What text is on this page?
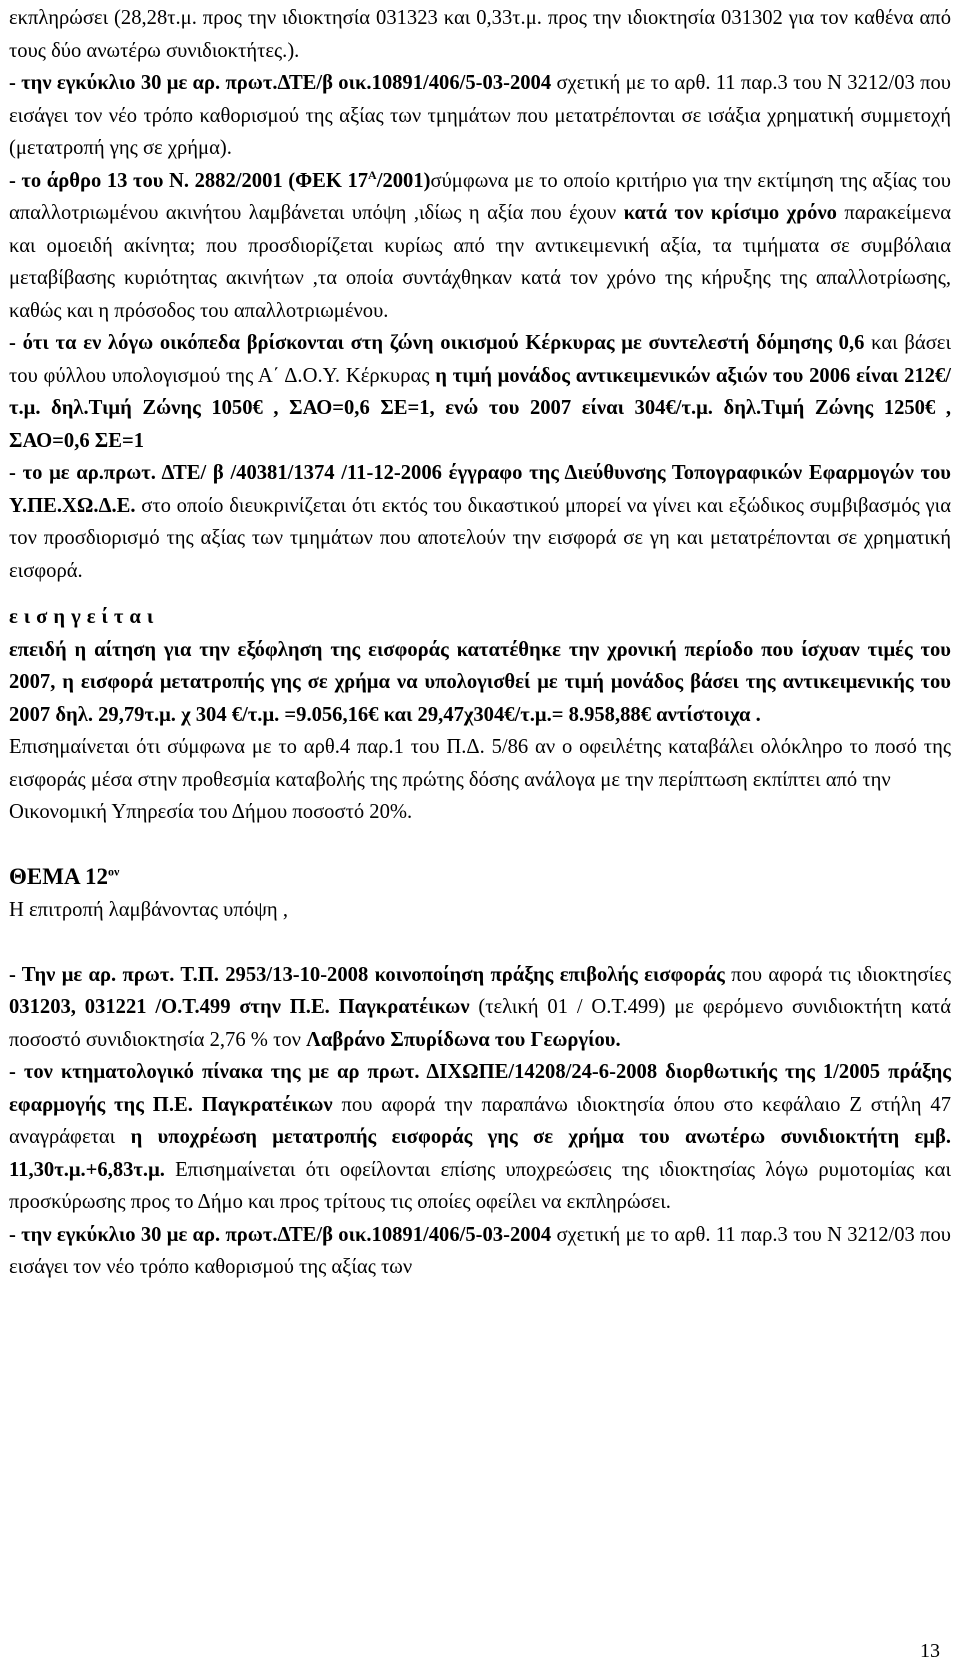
εκπληρώσει (28,28τ.μ. προς την ιδιοκτησία 031323 και 0,33τ.μ. προς την ιδιοκτησία 031302 για τον καθένα από τους δύο ανωτέρω συνιδιοκτήτες.).

- την εγκύκλιο 30 με αρ. πρωτ.ΔΤΕ/β οικ.10891/406/5-03-2004 σχετική με το αρθ. 11 παρ.3 του Ν 3212/03 που εισάγει τον νέο τρόπο καθορισμού της αξίας των τμημάτων που μετατρέπονται σε ισάξια χρηματική συμμετοχή (μετατροπή γης σε χρήμα).

- το άρθρο 13 του Ν. 2882/2001 (ΦΕΚ $17^A/2001)\sigma ύ\mu\varphi\omega\nu\alpha$ με το οποίο κριτήριο για την εκτίμηση της αξίας του απαλλοτριωμένου ακινήτου λαμβάνεται υπόψη ,ιδίως η αξία που έχουν κατά τον κρίσιμο χρόνο παρακείμενα και ομοειδή ακίνητα; που προσδιορίζεται κυρίως από την αντικειμενική αξία, τα τιμήματα σε συμβόλαια μεταβίβασης κυριότητας ακινήτων ,τα οποία συντάχθηκαν κατά τον χρόνο της κήρυξης της απαλλοτρίωσης, καθώς και η πρόσοδος του απαλλοτριωμένου.

- ότι τα εν λόγω οικόπεδα βρίσκονται στη ζώνη οικισμού Κέρκυρας με συντελεστή δόμησης 0,6 και βάσει του φύλλου υπολογισμού της Α΄ Δ.Ο.Υ. Κέρκυρας η τιμή μονάδος αντικειμενικών αξιών του 2006 είναι 212€/τ.μ. δηλ.Τιμή Ζώνης 1050€ , ΣΑΟ=0,6 ΣΕ=1, ενώ του 2007 είναι 304€/τ.μ. δηλ.Τιμή Ζώνης 1250€ , ΣΑΟ=0,6 ΣΕ=1

- το με αρ.πρωτ. ΔΤΕ/ β /40381/1374 /11-12-2006 έγγραφο της Διεύθυνσης Τοπογραφικών Εφαρμογών του Υ.ΠΕ.ΧΩ.Δ.Ε. στο οποίο διευκρινίζεται ότι εκτός του δικαστικού μπορεί να γίνει και εξώδικος συμβιβασμός για τον προσδιορισμό της αξίας των τμημάτων που αποτελούν την εισφορά σε γη και μετατρέπονται σε χρηματική εισφορά.

εισηγείται

επειδή η αίτηση για την εξόφληση της εισφοράς κατατέθηκε την χρονική περίοδο που ίσχυαν τιμές του 2007, η εισφορά μετατροπής γης σε χρήμα να υπολογισθεί με τιμή μονάδος βάσει της αντικειμενικής του 2007 δηλ. 29,79τ.μ. χ 304 €/τ.μ. =9.056,16€ και 29,47χ304€/τ.μ.= 8.958,88€ αντίστοιχα .

Επισημαίνεται ότι σύμφωνα με το αρθ.4 παρ.1 του Π.Δ. 5/86 αν ο οφειλέτης καταβάλει ολόκληρο το ποσό της εισφοράς μέσα στην προθεσμία καταβολής της πρώτης δόσης ανάλογα με την περίπτωση εκπίπτει από την

Οικονομική Υπηρεσία του Δήμου ποσοστό 20%.

ΘΕΜΑ $12^{o\nu}$

Η επιτροπή λαμβάνοντας υπόψη ,

- Την με αρ. πρωτ. Τ.Π. 2953/13-10-2008 κοινοποίηση πράξης επιβολής εισφοράς που αφορά τις ιδιοκτησίες 031203, 031221 /Ο.Τ.499 στην Π.Ε. Παγκρατέικων (τελική 01 / Ο.Τ.499) με φερόμενο συνιδιοκτήτη κατά ποσοστό συνιδιοκτησία 2,76 % τον Λαβράνο Σπυρίδωνα του Γεωργίου.

- τον κτηματολογικό πίνακα της με αρ πρωτ. ΔΙΧΩΠΕ/14208/24-6-2008 διορθωτικής της 1/2005 πράξης εφαρμογής της Π.Ε. Παγκρατέικων που αφορά την παραπάνω ιδιοκτησία όπου στο κεφάλαιο Ζ στήλη 47 αναγράφεται η υποχρέωση μετατροπής εισφοράς γης σε χρήμα του ανωτέρω συνιδιοκτήτη εμβ. 11,30τ.μ.+6,83τ.μ. Επισημαίνεται ότι οφείλονται επίσης υποχρεώσεις της ιδιοκτησίας λόγω ρυμοτομίας και προσκύρωσης προς το Δήμο και προς τρίτους τις οποίες οφείλει να εκπληρώσει.

- την εγκύκλιο 30 με αρ. πρωτ.ΔΤΕ/β οικ.10891/406/5-03-2004 σχετική με το αρθ. 11 παρ.3 του Ν 3212/03 που εισάγει τον νέο τρόπο καθορισμού της αξίας των

13
